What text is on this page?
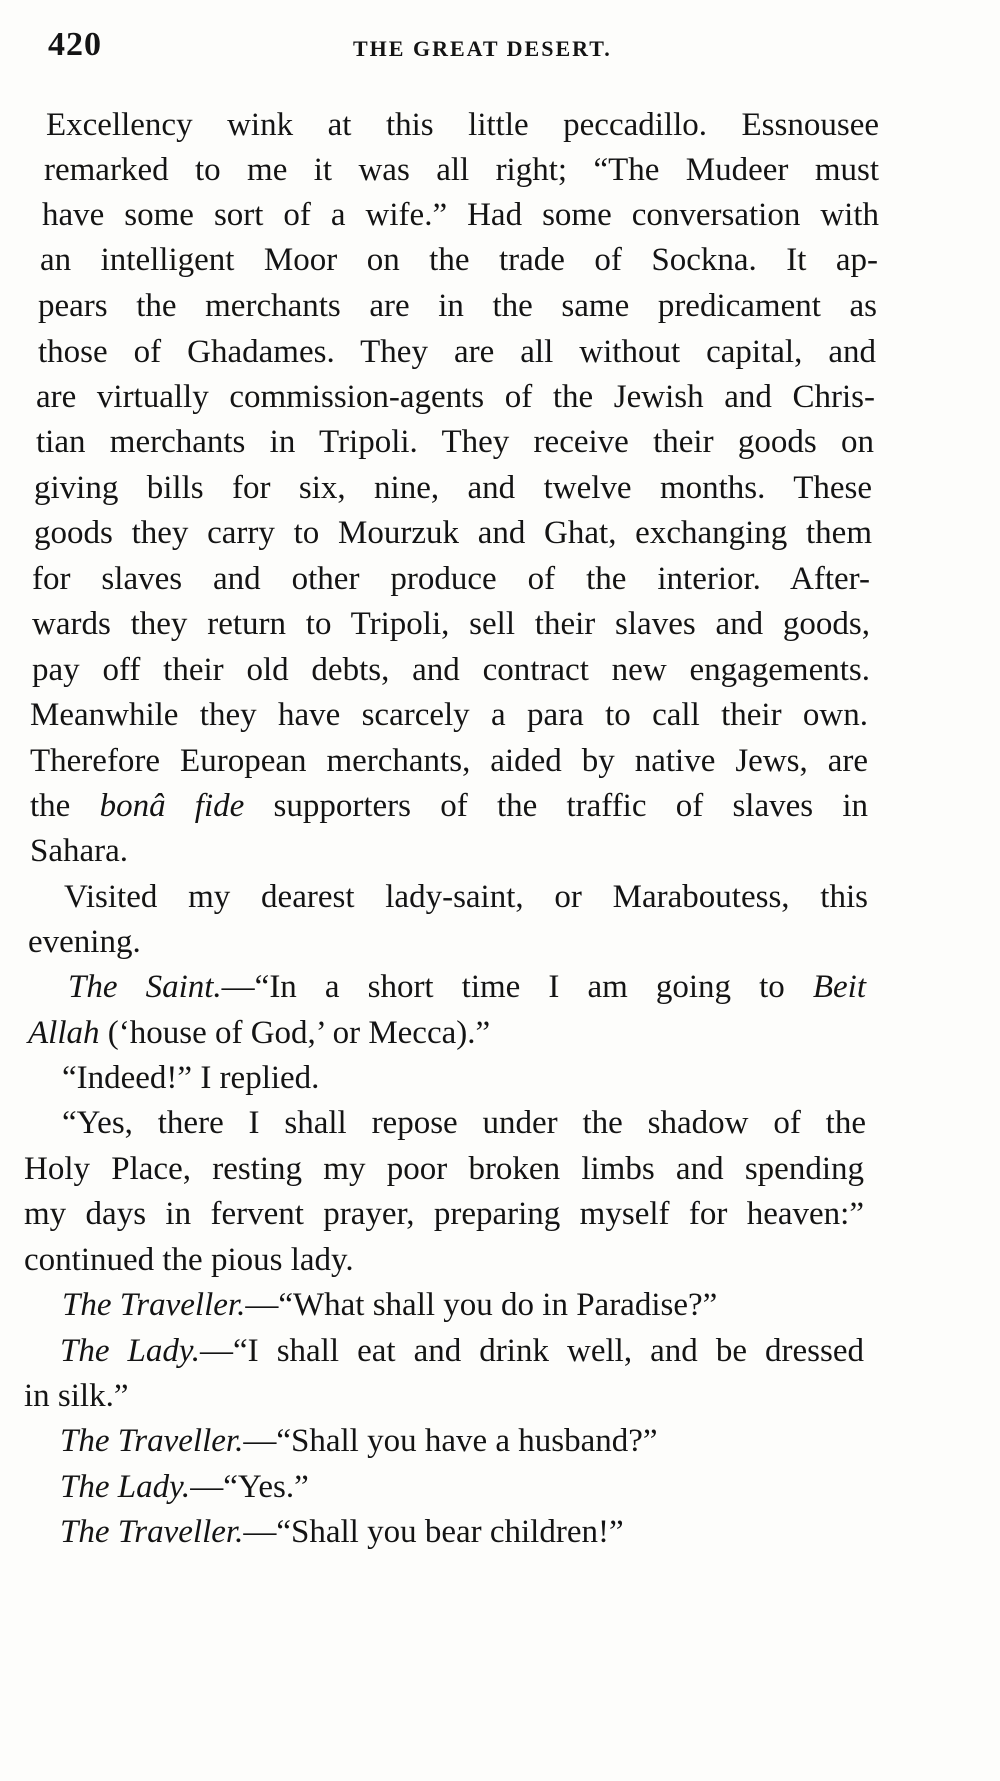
420	THE GREAT DESERT.
Excellency wink at this little peccadillo. Essnousee
remarked to me it was all right; “The Mudeer must
have some sort of a wife.” Had some conversation with
an intelligent Moor on the trade of Sockna. It ap-
pears the merchants are in the same predicament as
those of Ghadames. They are all without capital, and
are virtually commission-agents of the Jewish and Chris-
tian merchants in Tripoli. They receive their goods on
giving bills for six, nine, and twelve months. These
goods they carry to Mourzuk and Ghat, exchanging them
for slaves and other produce of the interior. After-
wards they return to Tripoli, sell their slaves and goods,
pay off their old debts, and contract new engagements.
Meanwhile they have scarcely a para to call their own.
Therefore European merchants, aided by native Jews, are
the bonâ fide supporters of the traffic of slaves in
Sahara.
Visited my dearest lady-saint, or Maraboutess, this
evening.
The Saint.—“In a short time I am going to Beit
Allah (‘house of God,’ or Mecca).”
“Indeed!” I replied.
“Yes, there I shall repose under the shadow of the
Holy Place, resting my poor broken limbs and spending
my days in fervent prayer, preparing myself for heaven:”
continued the pious lady.
The Traveller.—“What shall you do in Paradise?”
The Lady.—“I shall eat and drink well, and be dressed
in silk.”
The Traveller.—“Shall you have a husband?”
The Lady.—“Yes.”
The Traveller.—“Shall you bear children!”
